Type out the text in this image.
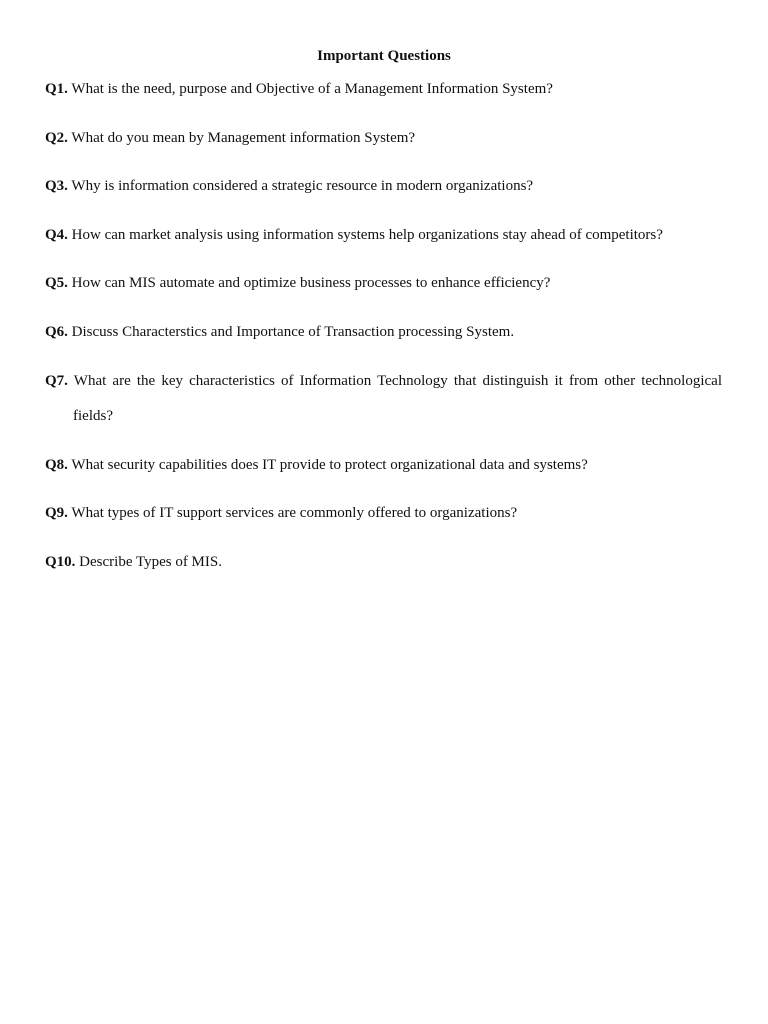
Important Questions
Q1. What is the need, purpose and Objective of a Management Information System?
Q2. What do you mean by Management information System?
Q3. Why is information considered a strategic resource in modern organizations?
Q4. How can market analysis using information systems help organizations stay ahead of competitors?
Q5. How can MIS automate and optimize business processes to enhance efficiency?
Q6. Discuss Characterstics and Importance of Transaction processing System.
Q7. What are the key characteristics of Information Technology that distinguish it from other technological fields?
Q8. What security capabilities does IT provide to protect organizational data and systems?
Q9. What types of IT support services are commonly offered to organizations?
Q10. Describe Types of MIS.
